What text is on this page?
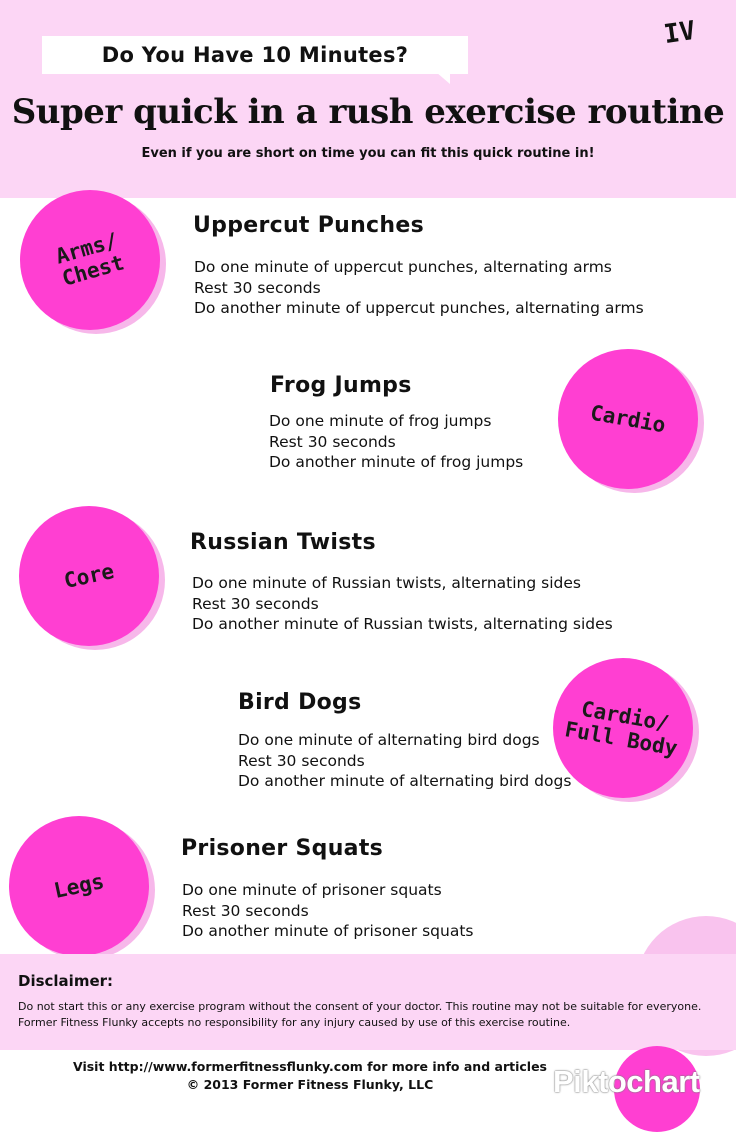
Do You Have 10 Minutes?
IV
Super quick in a rush exercise routine
Even if you are short on time you can fit this quick routine in!
Arms/
Chest
Uppercut Punches
Do one minute of uppercut punches, alternating arms
Rest 30 seconds
Do another minute of uppercut punches, alternating arms
Cardio
Frog Jumps
Do one minute of frog jumps
Rest 30 seconds
Do another minute of frog jumps
Core
Russian Twists
Do one minute of Russian twists, alternating sides
Rest 30 seconds
Do another minute of Russian twists, alternating sides
Cardio/
Full Body
Bird Dogs
Do one minute of alternating bird dogs
Rest 30 seconds
Do another minute of alternating bird dogs
Legs
Prisoner Squats
Do one minute of prisoner squats
Rest 30 seconds
Do another minute of prisoner squats
Disclaimer:
Do not start this or any exercise program without the consent of your doctor. This routine may not be suitable for everyone.
Former Fitness Flunky accepts no responsibility for any injury caused by use of this exercise routine.
Visit http://www.formerfitnessflunky.com for more info and articles
© 2013 Former Fitness Flunky, LLC	Piktochart
